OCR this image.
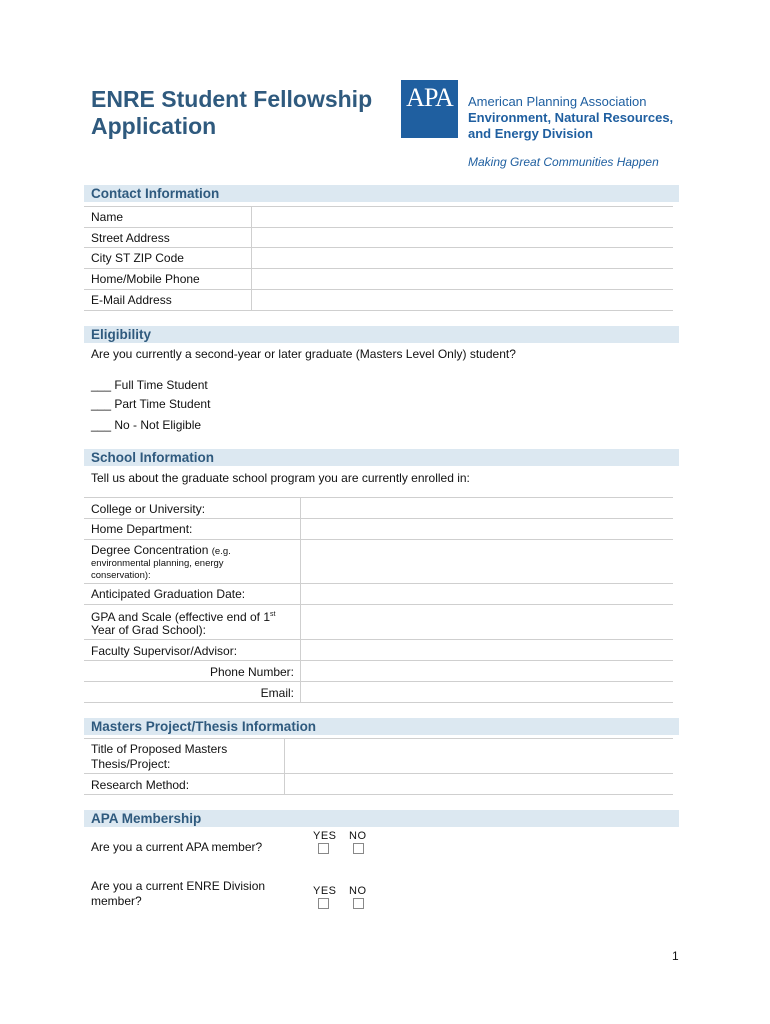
ENRE Student Fellowship
Application
APA	American Planning Association
Environment, Natural Resources,
and Energy Division
Making Great Communities Happen
Contact Information
Name
Street Address
City ST ZIP Code
Home/Mobile Phone
E-Mail Address
Eligibility
Are you currently a second-year or later graduate (Masters Level Only) student?
___ Full Time Student
___ Part Time Student
___ No - Not Eligible
School Information
Tell us about the graduate school program you are currently enrolled in:
College or University:
Home Department:
Degree Concentration (e.g.
environmental planning, energy
conservation):
Anticipated Graduation Date:
GPA and Scale (effective end of 1st
Year of Grad School):
Faculty Supervisor/Advisor:
Phone Number:
Email:
Masters Project/Thesis Information
Title of Proposed Masters
Thesis/Project:
Research Method:
APA Membership
Are you a current APA member?
YES NO
Are you a current ENRE Division
member?
YES NO
1
